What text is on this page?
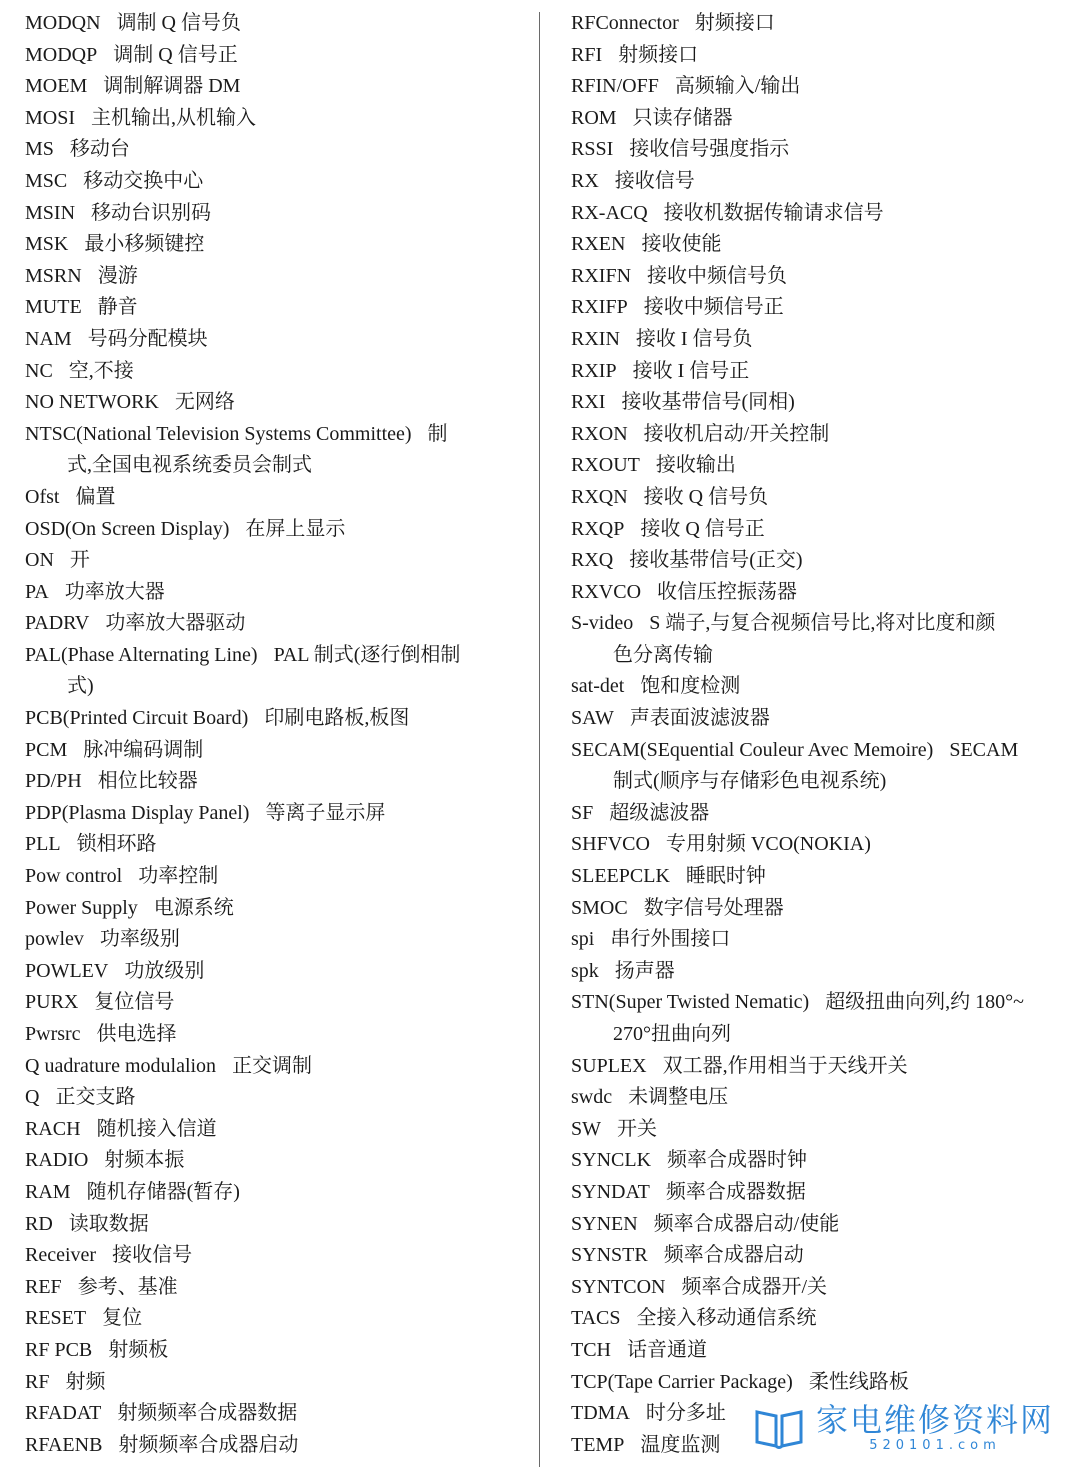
MODQN 调制 Q 信号负
MODQP 调制 Q 信号正
MOEM 调制解调器 DM
MOSI 主机输出,从机输入
MS 移动台
MSC 移动交换中心
MSIN 移动台识别码
MSK 最小移频键控
MSRN 漫游
MUTE 静音
NAM 号码分配模块
NC 空,不接
NO NETWORK 无网络
NTSC(National Television Systems Committee) 制
式,全国电视系统委员会制式
Ofst 偏置
OSD(On Screen Display) 在屏上显示
ON 开
PA 功率放大器
PADRV 功率放大器驱动
PAL(Phase Alternating Line) PAL 制式(逐行倒相制
式)
PCB(Printed Circuit Board) 印刷电路板,板图
PCM 脉冲编码调制
PD/PH 相位比较器
PDP(Plasma Display Panel) 等离子显示屏
PLL 锁相环路
Pow control 功率控制
Power Supply 电源系统
powlev 功率级别
POWLEV 功放级别
PURX 复位信号
Pwrsrc 供电选择
Q uadrature modulalion 正交调制
Q 正交支路
RACH 随机接入信道
RADIO 射频本振
RAM 随机存储器(暂存)
RD 读取数据
Receiver 接收信号
REF 参考、基准
RESET 复位
RF PCB 射频板
RF 射频
RFADAT 射频频率合成器数据
RFAENB 射频频率合成器启动
RFConnector 射频接口
RFI 射频接口
RFIN/OFF 高频输入/输出
ROM 只读存储器
RSSI 接收信号强度指示
RX 接收信号
RX-ACQ 接收机数据传输请求信号
RXEN 接收使能
RXIFN 接收中频信号负
RXIFP 接收中频信号正
RXIN 接收 I 信号负
RXIP 接收 I 信号正
RXI 接收基带信号(同相)
RXON 接收机启动/开关控制
RXOUT 接收输出
RXQN 接收 Q 信号负
RXQP 接收 Q 信号正
RXQ 接收基带信号(正交)
RXVCO 收信压控振荡器
S-video S 端子,与复合视频信号比,将对比度和颜
色分离传输
sat-det 饱和度检测
SAW 声表面波滤波器
SECAM(SEquential Couleur Avec Memoire) SECAM
制式(顺序与存储彩色电视系统)
SF 超级滤波器
SHFVCO 专用射频 VCO(NOKIA)
SLEEPCLK 睡眠时钟
SMOC 数字信号处理器
spi 串行外围接口
spk 扬声器
STN(Super Twisted Nematic) 超级扭曲向列,约 180°~
270°扭曲向列
SUPLEX 双工器,作用相当于天线开关
swdc 未调整电压
SW 开关
SYNCLK 频率合成器时钟
SYNDAT 频率合成器数据
SYNEN 频率合成器启动/使能
SYNSTR 频率合成器启动
SYNTCON 频率合成器开/关
TACS 全接入移动通信系统
TCH 话音通道
TCP(Tape Carrier Package) 柔性线路板
TDMA 时分多址
TEMP 温度监测
家电维修资料网
520101.com
